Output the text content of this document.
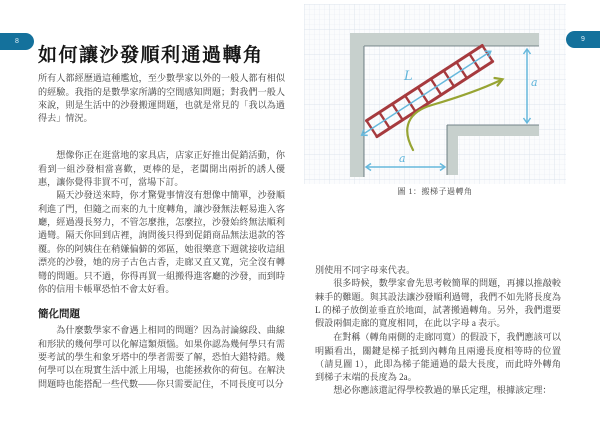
8
如何讓沙發順利通過轉角

所有人都經歷過這種尷尬，至少數學家以外的一般人都有相似的經驗。我指的是數學家所講的空間感知問題；對我們一般人來說，則是生活中的沙發搬運問題，也就是常見的「我以為過得去」情況。

想像你正在逛當地的家具店，店家正好推出促銷活動，你看到一組沙發相當喜歡，更棒的是，老闆開出兩折的誘人優惠，讓你覺得非買不可，當場下訂。

隔天沙發送來時，你才驚覺事情沒有想像中簡單，沙發順利進了門，但隨之而來的九十度轉角，讓沙發無法輕易進入客廳，經過漫長努力，不管怎麼推，怎麼拉，沙發始終無法順利過彎。隔天你回到店裡，詢問後只得到促銷商品無法退款的答覆。你的阿姨住在稍嫌偏僻的郊區，她很樂意下週就接收這組漂亮的沙發，她的房子古色古香，走廊又直又寬，完全沒有轉彎的問題。只不過，你得再買一組搬得進客廳的沙發，而到時你的信用卡帳單恐怕不會太好看。

簡化問題

為什麼數學家不會遇上相同的問題？因為討論線段、曲線和形狀的幾何學可以化解這類煩惱。如果你認為幾何學只有需要考試的學生和象牙塔中的學者需要了解，恐怕大錯特錯。幾何學可以在現實生活中派上用場，也能拯救你的荷包。在解決問題時也能搭配一些代數——你只需要記住，不同長度可以分

L	a
a
圖 1：搬梯子過轉角

別使用不同字母來代表。

很多時候，數學家會先思考較簡單的問題，再據以推敲較棘手的難題。與其設法讓沙發順利過彎，我們不如先將長度為 L 的梯子放倒並垂直於地面，試著搬過轉角。另外，我們還要假設兩個走廊的寬度相同，在此以字母 a 表示。

在對稱（轉角兩側的走廊同寬）的假設下，我們應該可以明顯看出，關鍵是梯子抵到內轉角且兩邊長度相等時的位置（請見圖 1），此即為梯子能通過的最大長度，而此時外轉角到梯子末端的長度為 2a。

想必你應該還記得學校教過的畢氏定理，根據該定理：

9
